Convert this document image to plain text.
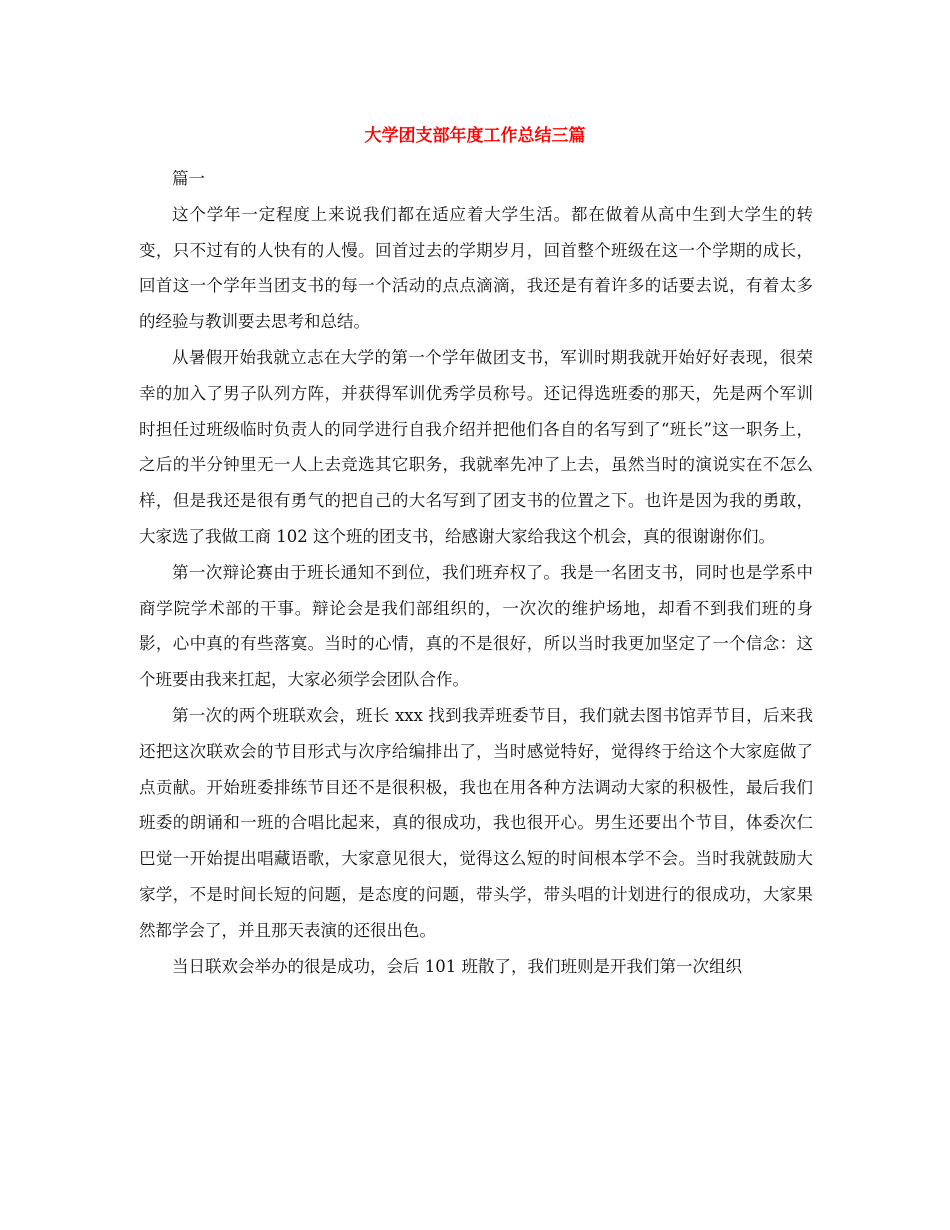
大学团支部年度工作总结三篇

篇一

这个学年一定程度上来说我们都在适应着大学生活。都在做着从高中生到大学生的转变，只不过有的人快有的人慢。回首过去的学期岁月，回首整个班级在这一个学期的成长，回首这一个学年当团支书的每一个活动的点点滴滴，我还是有着许多的话要去说，有着太多的经验与教训要去思考和总结。

从暑假开始我就立志在大学的第一个学年做团支书，军训时期我就开始好好表现，很荣幸的加入了男子队列方阵，并获得军训优秀学员称号。还记得选班委的那天，先是两个军训时担任过班级临时负责人的同学进行自我介绍并把他们各自的名写到了“班长”这一职务上，之后的半分钟里无一人上去竞选其它职务，我就率先冲了上去，虽然当时的演说实在不怎么样，但是我还是很有勇气的把自己的大名写到了团支书的位置之下。也许是因为我的勇敢，大家选了我做工商 102 这个班的团支书，给感谢大家给我这个机会，真的很谢谢你们。

第一次辩论赛由于班长通知不到位，我们班弃权了。我是一名团支书，同时也是学系中商学院学术部的干事。辩论会是我们部组织的，一次次的维护场地，却看不到我们班的身影，心中真的有些落寞。当时的心情，真的不是很好，所以当时我更加坚定了一个信念：这个班要由我来扛起，大家必须学会团队合作。

第一次的两个班联欢会，班长 xxx 找到我弄班委节目，我们就去图书馆弄节目，后来我还把这次联欢会的节目形式与次序给编排出了，当时感觉特好，觉得终于给这个大家庭做了点贡献。开始班委排练节目还不是很积极，我也在用各种方法调动大家的积极性，最后我们班委的朗诵和一班的合唱比起来，真的很成功，我也很开心。男生还要出个节目，体委次仁巴觉一开始提出唱藏语歌，大家意见很大，觉得这么短的时间根本学不会。当时我就鼓励大家学，不是时间长短的问题，是态度的问题，带头学，带头唱的计划进行的很成功，大家果然都学会了，并且那天表演的还很出色。

当日联欢会举办的很是成功，会后 101 班散了，我们班则是开我们第一次组织
